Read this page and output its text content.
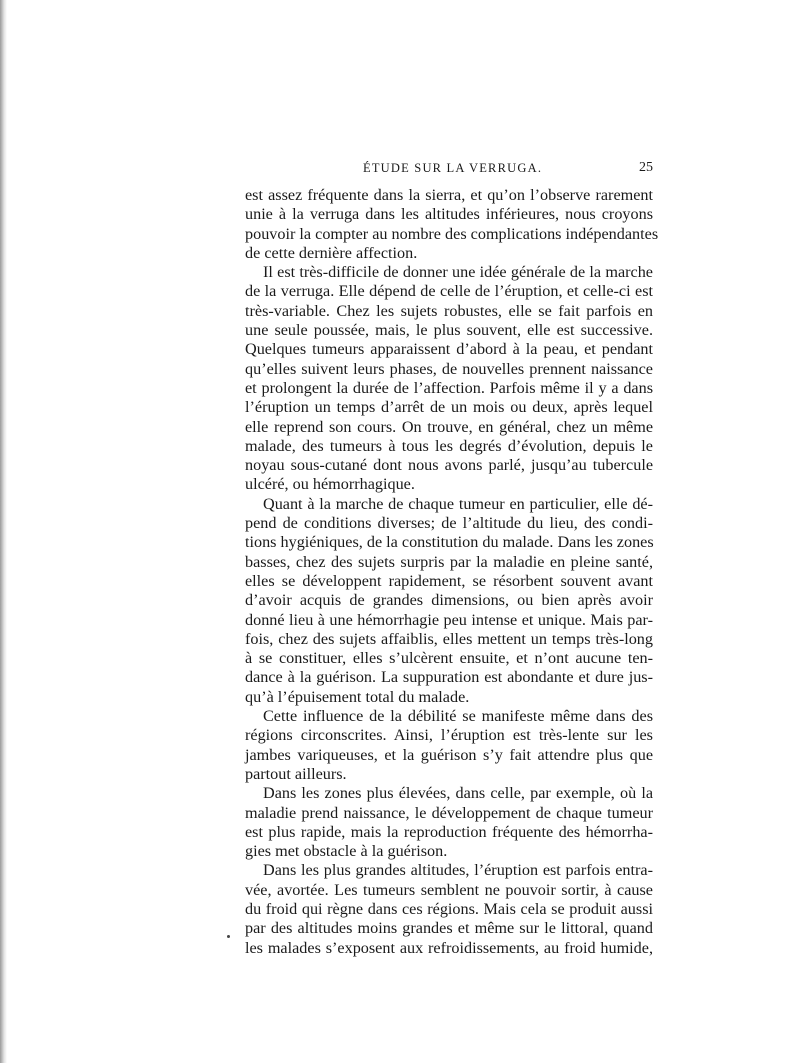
ÉTUDE SUR LA VERRUGA.	25
est assez fréquente dans la sierra, et qu’on l’observe rarement
unie à la verruga dans les altitudes inférieures, nous croyons
pouvoir la compter au nombre des complications indépendantes
de cette dernière affection.
Il est très-difficile de donner une idée générale de la marche
de la verruga. Elle dépend de celle de l’éruption, et celle-ci est
très-variable. Chez les sujets robustes, elle se fait parfois en
une seule poussée, mais, le plus souvent, elle est successive.
Quelques tumeurs apparaissent d’abord à la peau, et pendant
qu’elles suivent leurs phases, de nouvelles prennent naissance
et prolongent la durée de l’affection. Parfois même il y a dans
l’éruption un temps d’arrêt de un mois ou deux, après lequel
elle reprend son cours. On trouve, en général, chez un même
malade, des tumeurs à tous les degrés d’évolution, depuis le
noyau sous-cutané dont nous avons parlé, jusqu’au tubercule
ulcéré, ou hémorrhagique.
Quant à la marche de chaque tumeur en particulier, elle dé-
pend de conditions diverses; de l’altitude du lieu, des condi-
tions hygiéniques, de la constitution du malade. Dans les zones
basses, chez des sujets surpris par la maladie en pleine santé,
elles se développent rapidement, se résorbent souvent avant
d’avoir acquis de grandes dimensions, ou bien après avoir
donné lieu à une hémorrhagie peu intense et unique. Mais par-
fois, chez des sujets affaiblis, elles mettent un temps très-long
à se constituer, elles s’ulcèrent ensuite, et n’ont aucune ten-
dance à la guérison. La suppuration est abondante et dure jus-
qu’à l’épuisement total du malade.
Cette influence de la débilité se manifeste même dans des
régions circonscrites. Ainsi, l’éruption est très-lente sur les
jambes variqueuses, et la guérison s’y fait attendre plus que
partout ailleurs.
Dans les zones plus élevées, dans celle, par exemple, où la
maladie prend naissance, le développement de chaque tumeur
est plus rapide, mais la reproduction fréquente des hémorrha-
gies met obstacle à la guérison.
Dans les plus grandes altitudes, l’éruption est parfois entra-
vée, avortée. Les tumeurs semblent ne pouvoir sortir, à cause
du froid qui règne dans ces régions. Mais cela se produit aussi
par des altitudes moins grandes et même sur le littoral, quand
les malades s’exposent aux refroidissements, au froid humide,
